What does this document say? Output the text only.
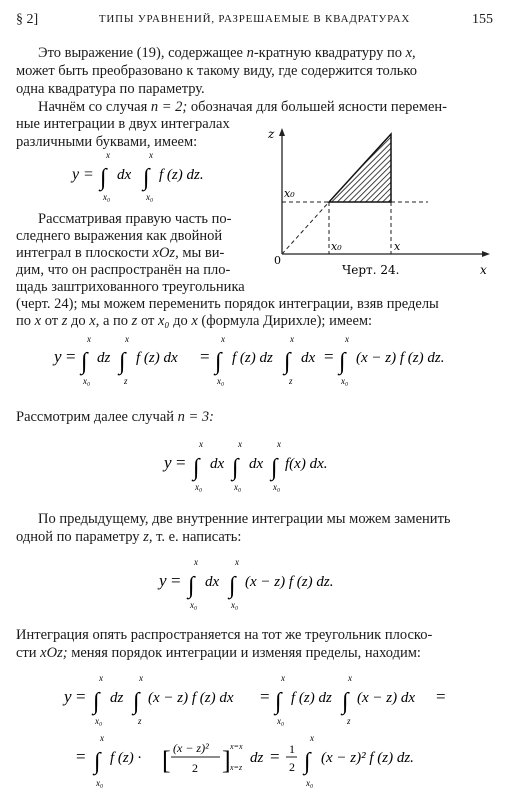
§ 2]	ТИПЫ УРАВНЕНИЙ, РАЗРЕШАЕМЫЕ В КВАДРАТУРАХ	155
Это выражение (19), содержащее n-кратную квадратуру по x,
может быть преобразовано к такому виду, где содержится только
одна квадратура по параметру.
Начнём со случая n = 2; обозначая для большей ясности перемен-
ные интеграции в двух интегралах
различными буквами, имеем:
y =
x
∫
x₀
dx
x
∫
x₀
f (z) dz.
z
x
x₀
x₀	x
0
Черт. 24.
Рассматривая правую часть по-
следнего выражения как двойной
интеграл в плоскости xOz, мы ви-
дим, что он распространён на пло-
щадь заштрихованного треугольника
(черт. 24); мы можем переменить порядок интеграции, взяв пределы
по x от z до x, а по z от x₀ до x (формула Дирихле); имеем:
y =
x
∫
x₀
dz
x
∫
z
f (z) dx =
x
∫
x₀
f (z) dz
x
∫
z
dx =
x
∫
x₀
(x − z) f (z) dz.
Рассмотрим далее случай n = 3:
y =
x
∫
x₀
dx
x
∫
x₀
dx
x
∫
x₀
f(x) dx.
По предыдущему, две внутренние интеграции мы можем заменить
одной по параметру z, т. е. написать:
y =
x
∫
x₀
dx
x
∫
x₀
(x − z) f (z) dz.
Интеграция опять распространяется на тот же треугольник плоско-
сти xOz; меняя порядок интеграции и изменяя пределы, находим:
y =
x
∫
x₀
dz
x
∫
z
(x − z) f (z) dx =
x
∫
x₀
f (z) dz
x
∫
z
(x − z) dx =
=
x
∫
x₀
f (z) · [ (x − z)²
2 ] x=x
x=z
dz = 1
2
x
∫
x₀
(x − z)² f (z) dz.
